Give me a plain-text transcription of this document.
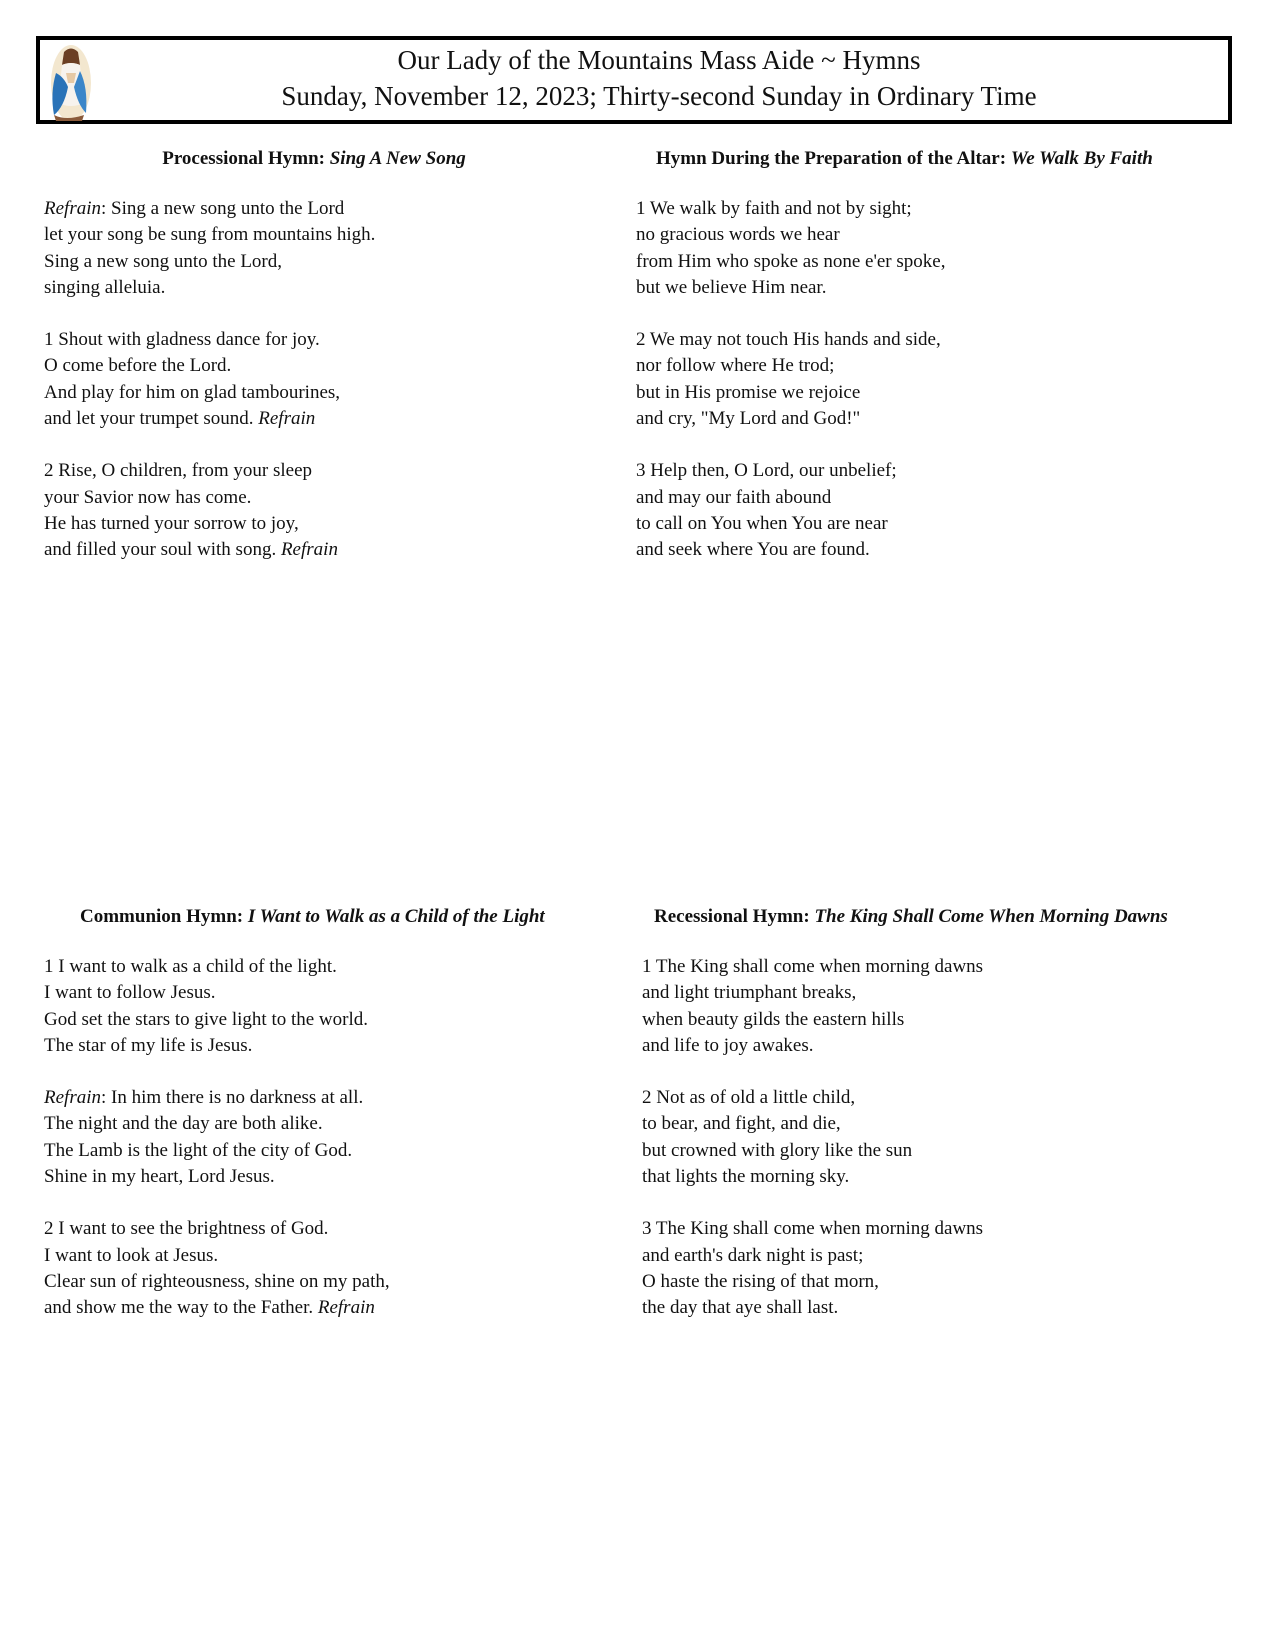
Our Lady of the Mountains Mass Aide ~ Hymns
Sunday, November 12, 2023; Thirty-second Sunday in Ordinary Time
Processional Hymn: Sing A New Song
Refrain: Sing a new song unto the Lord
let your song be sung from mountains high.
Sing a new song unto the Lord,
singing alleluia.
1 Shout with gladness dance for joy.
O come before the Lord.
And play for him on glad tambourines,
and let your trumpet sound. Refrain
2 Rise, O children, from your sleep
your Savior now has come.
He has turned your sorrow to joy,
and filled your soul with song. Refrain
Hymn During the Preparation of the Altar: We Walk By Faith
1 We walk by faith and not by sight;
no gracious words we hear
from Him who spoke as none e'er spoke,
but we believe Him near.
2 We may not touch His hands and side,
nor follow where He trod;
but in His promise we rejoice
and cry, "My Lord and God!"
3 Help then, O Lord, our unbelief;
and may our faith abound
to call on You when You are near
and seek where You are found.
Communion Hymn: I Want to Walk as a Child of the Light
1 I want to walk as a child of the light.
I want to follow Jesus.
God set the stars to give light to the world.
The star of my life is Jesus.
Refrain: In him there is no darkness at all.
The night and the day are both alike.
The Lamb is the light of the city of God.
Shine in my heart, Lord Jesus.
2 I want to see the brightness of God.
I want to look at Jesus.
Clear sun of righteousness, shine on my path,
and show me the way to the Father. Refrain
Recessional Hymn: The King Shall Come When Morning Dawns
1 The King shall come when morning dawns
and light triumphant breaks,
when beauty gilds the eastern hills
and life to joy awakes.
2 Not as of old a little child,
to bear, and fight, and die,
but crowned with glory like the sun
that lights the morning sky.
3 The King shall come when morning dawns
and earth's dark night is past;
O haste the rising of that morn,
the day that aye shall last.
